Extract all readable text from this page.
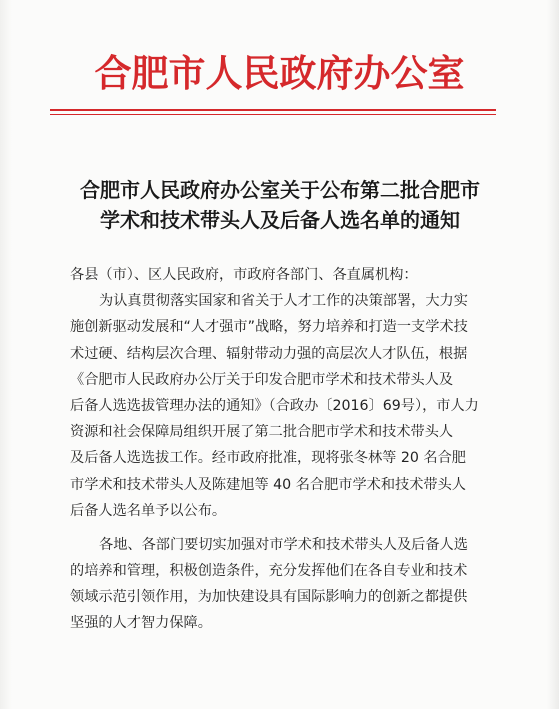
合肥市人民政府办公室
合肥市人民政府办公室关于公布第二批合肥市
学术和技术带头人及后备人选名单的通知
各县（市）、区人民政府，市政府各部门、各直属机构：
为认真贯彻落实国家和省关于人才工作的决策部署，大力实
施创新驱动发展和“人才强市”战略，努力培养和打造一支学术技
术过硬、结构层次合理、辐射带动力强的高层次人才队伍，根据
《合肥市人民政府办公厅关于印发合肥市学术和技术带头人及
后备人选选拔管理办法的通知》（合政办〔2016〕69号），市人力
资源和社会保障局组织开展了第二批合肥市学术和技术带头人
及后备人选选拔工作。经市政府批准，现将张冬林等 20 名合肥
市学术和技术带头人及陈建旭等 40 名合肥市学术和技术带头人
后备人选名单予以公布。
各地、各部门要切实加强对市学术和技术带头人及后备人选
的培养和管理，积极创造条件，充分发挥他们在各自专业和技术
领域示范引领作用，为加快建设具有国际影响力的创新之都提供
坚强的人才智力保障。
